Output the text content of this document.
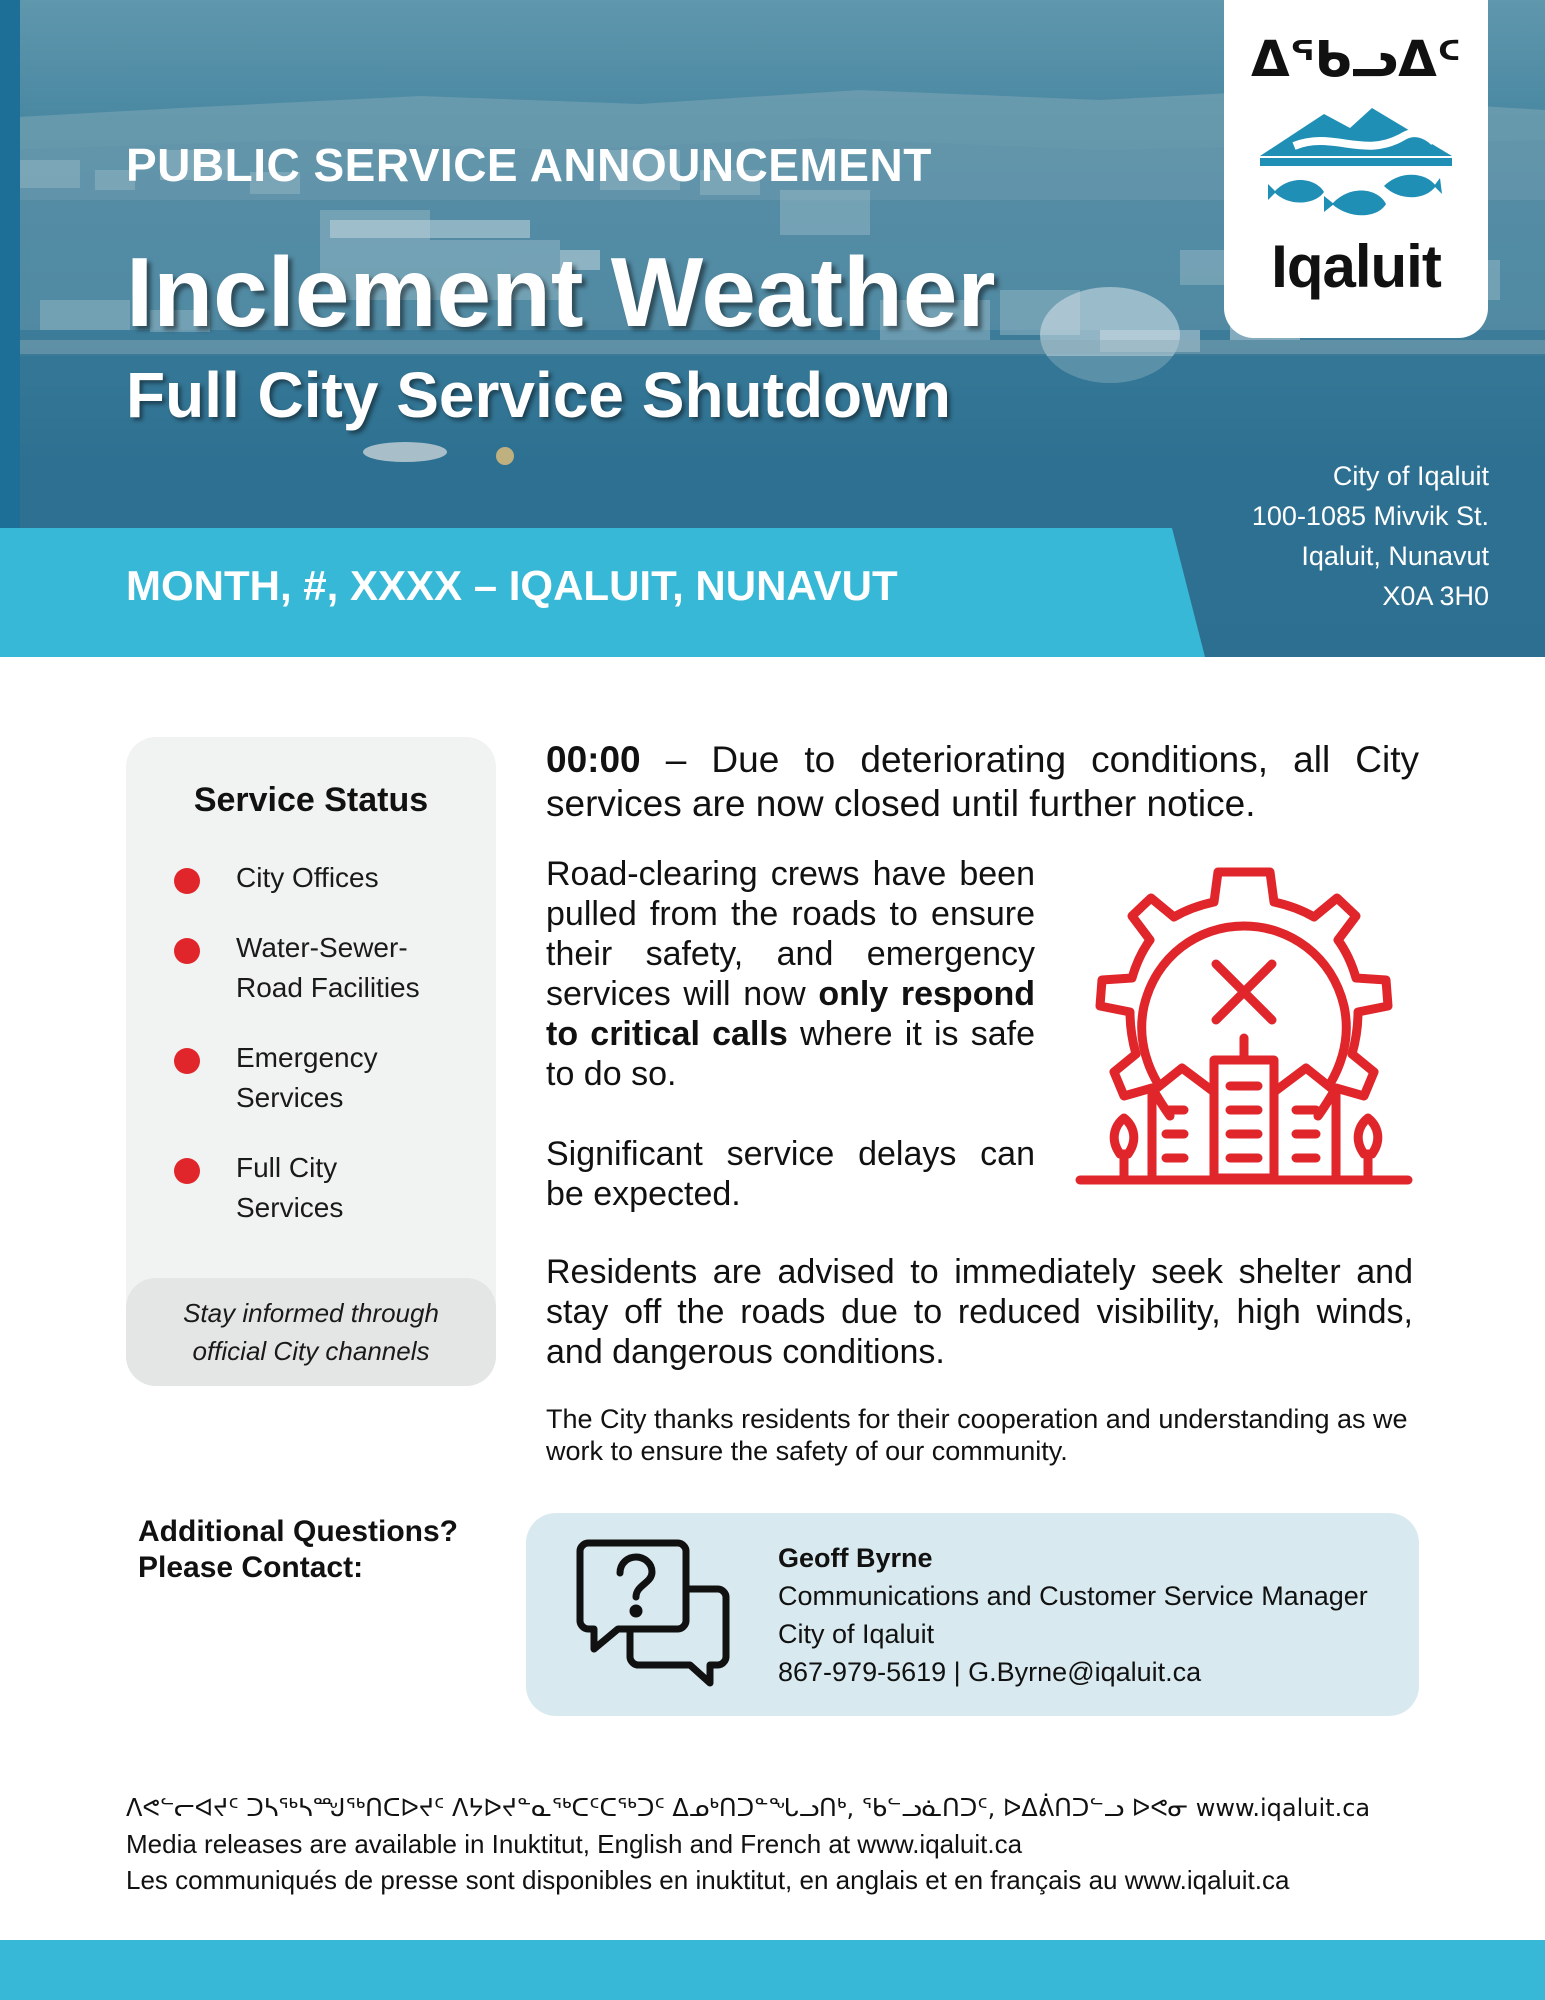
PUBLIC SERVICE ANNOUNCEMENT
Inclement Weather
Full City Service Shutdown
MONTH, #, XXXX – IQALUIT, NUNAVUT
City of Iqaluit
100-1085 Mivvik St.
Iqaluit, Nunavut
X0A 3H0
ᐃᖃᓗᐃᑦ
Iqaluit
Service Status
City Offices
Water-Sewer-Road Facilities
Emergency Services
Full City Services
Stay informed through official City channels
00:00 – Due to deteriorating conditions, all City services are now closed until further notice.
Road-clearing crews have been pulled from the roads to ensure their safety, and emergency services will now only respond to critical calls where it is safe to do so.
Significant service delays can be expected.
Residents are advised to immediately seek shelter and stay off the roads due to reduced visibility, high winds, and dangerous conditions.
The City thanks residents for their cooperation and understanding as we work to ensure the safety of our community.
Additional Questions?
Please Contact:	Geoff Byrne
Communications and Customer Service Manager
City of Iqaluit
867-979-5619 | G.Byrne@iqaluit.ca
ᐱᕙᓪᓕᐊᔪᑦ ᑐᓴᖅᓴᙳᖅᑎᑕᐅᔪᑦ ᐱᔭᐅᔪᓐᓇᖅᑕᑦᑕᖅᑐᑦ ᐃᓄᒃᑎᑐᓐᖓᓗᑎᒃ, ᖃᓪᓗᓈᑎᑐᑦ, ᐅᐃᕖᑎᑐᓪᓗ ᐅᕙᓂ www.iqaluit.ca
Media releases are available in Inuktitut, English and French at www.iqaluit.ca
Les communiqués de presse sont disponibles en inuktitut, en anglais et en français au www.iqaluit.ca
